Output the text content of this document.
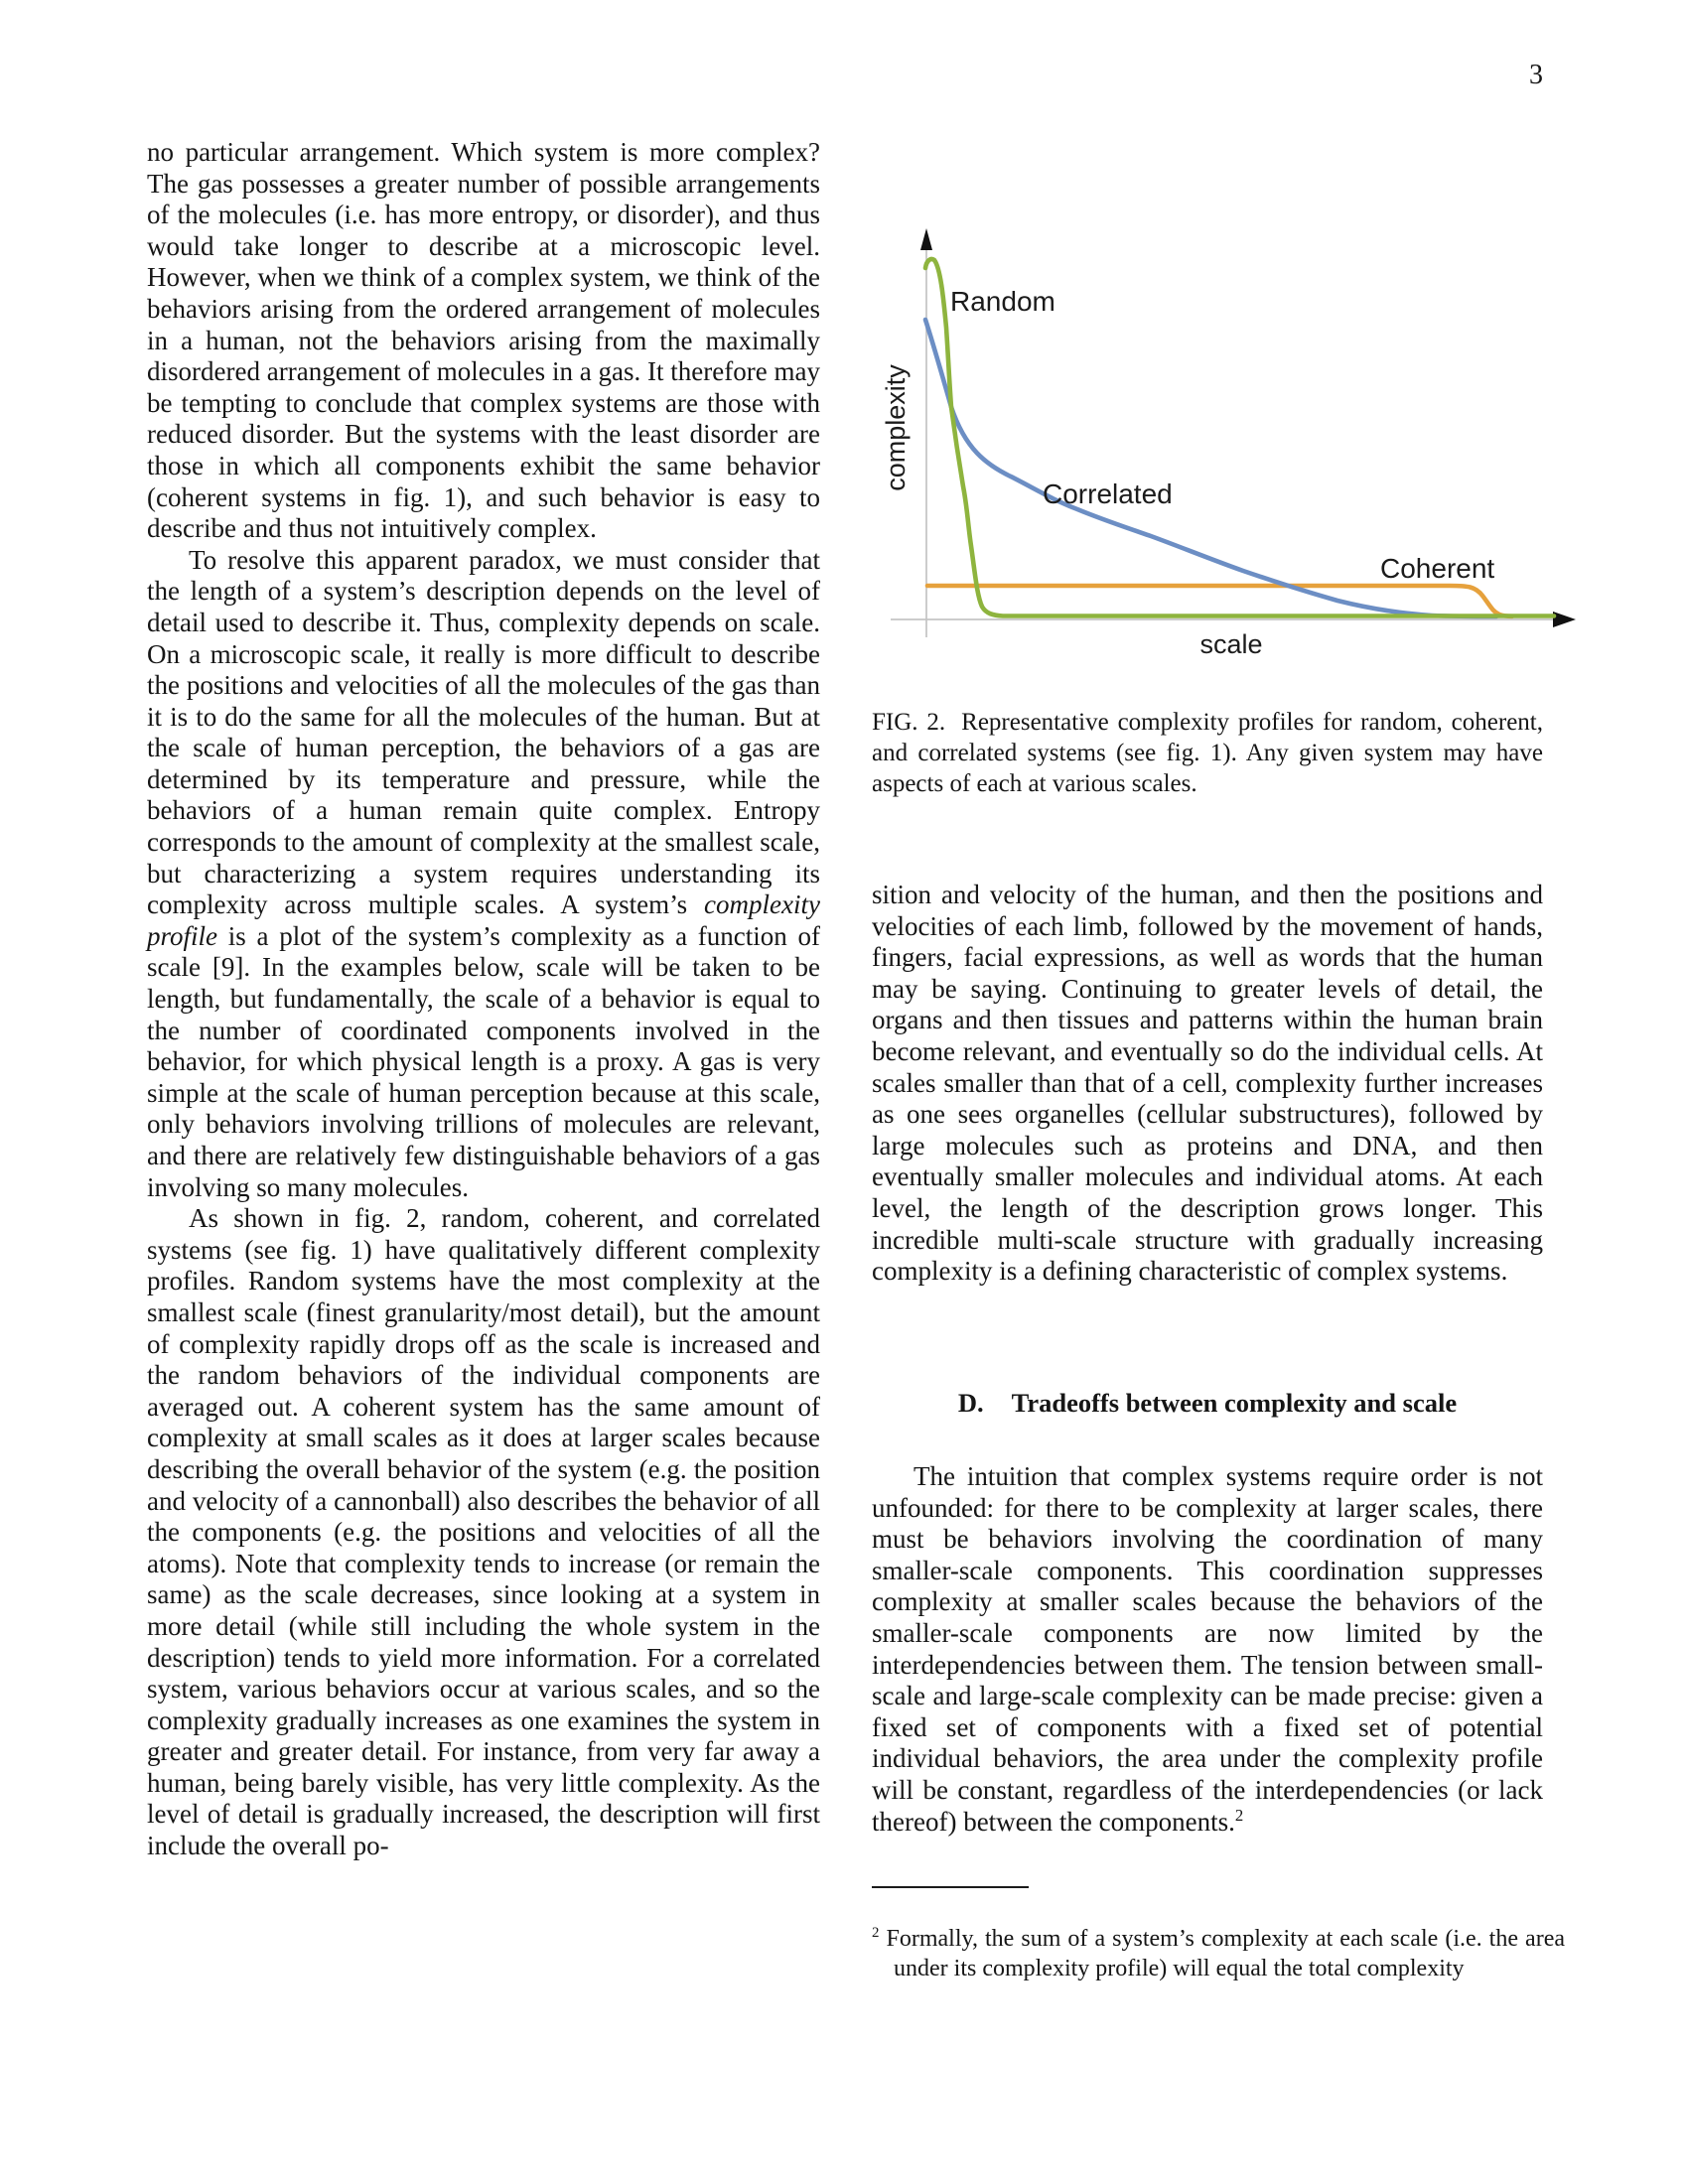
3

no particular arrangement. Which system is more complex? The gas possesses a greater number of possible arrangements of the molecules (i.e. has more entropy, or disorder), and thus would take longer to describe at a microscopic level. However, when we think of a complex system, we think of the behaviors arising from the ordered arrangement of molecules in a human, not the behaviors arising from the maximally disordered arrangement of molecules in a gas. It therefore may be tempting to conclude that complex systems are those with reduced disorder. But the systems with the least disorder are those in which all components exhibit the same behavior (coherent systems in fig. 1), and such behavior is easy to describe and thus not intuitively complex.

To resolve this apparent paradox, we must consider that the length of a system’s description depends on the level of detail used to describe it. Thus, complexity depends on scale. On a microscopic scale, it really is more difficult to describe the positions and velocities of all the molecules of the gas than it is to do the same for all the molecules of the human. But at the scale of human perception, the behaviors of a gas are determined by its temperature and pressure, while the behaviors of a human remain quite complex. Entropy corresponds to the amount of complexity at the smallest scale, but characterizing a system requires understanding its complexity across multiple scales. A system’s complexity profile is a plot of the system’s complexity as a function of scale [9]. In the examples below, scale will be taken to be length, but fundamentally, the scale of a behavior is equal to the number of coordinated components involved in the behavior, for which physical length is a proxy. A gas is very simple at the scale of human perception because at this scale, only behaviors involving trillions of molecules are relevant, and there are relatively few distinguishable behaviors of a gas involving so many molecules.

As shown in fig. 2, random, coherent, and correlated systems (see fig. 1) have qualitatively different complexity profiles. Random systems have the most complexity at the smallest scale (finest granularity/most detail), but the amount of complexity rapidly drops off as the scale is increased and the random behaviors of the individual components are averaged out. A coherent system has the same amount of complexity at small scales as it does at larger scales because describing the overall behavior of the system (e.g. the position and velocity of a cannonball) also describes the behavior of all the components (e.g. the positions and velocities of all the atoms). Note that complexity tends to increase (or remain the same) as the scale decreases, since looking at a system in more detail (while still including the whole system in the description) tends to yield more information. For a correlated system, various behaviors occur at various scales, and so the complexity gradually increases as one examines the system in greater and greater detail. For instance, from very far away a human, being barely visible, has very little complexity. As the level of detail is gradually increased, the description will first include the overall po-

Random
Correlated
Coherent
complexity
scale

FIG. 2. Representative complexity profiles for random, coherent, and correlated systems (see fig. 1). Any given system may have aspects of each at various scales.

sition and velocity of the human, and then the positions and velocities of each limb, followed by the movement of hands, fingers, facial expressions, as well as words that the human may be saying. Continuing to greater levels of detail, the organs and then tissues and patterns within the human brain become relevant, and eventually so do the individual cells. At scales smaller than that of a cell, complexity further increases as one sees organelles (cellular substructures), followed by large molecules such as proteins and DNA, and then eventually smaller molecules and individual atoms. At each level, the length of the description grows longer. This incredible multi-scale structure with gradually increasing complexity is a defining characteristic of complex systems.

D. Tradeoffs between complexity and scale

The intuition that complex systems require order is not unfounded: for there to be complexity at larger scales, there must be behaviors involving the coordination of many smaller-scale components. This coordination suppresses complexity at smaller scales because the behaviors of the smaller-scale components are now limited by the interdependencies between them. The tension between small-scale and large-scale complexity can be made precise: given a fixed set of components with a fixed set of potential individual behaviors, the area under the complexity profile will be constant, regardless of the interdependencies (or lack thereof) between the components.$^2$

$^2$ Formally, the sum of a system’s complexity at each scale (i.e. the area under its complexity profile) will equal the total complexity
